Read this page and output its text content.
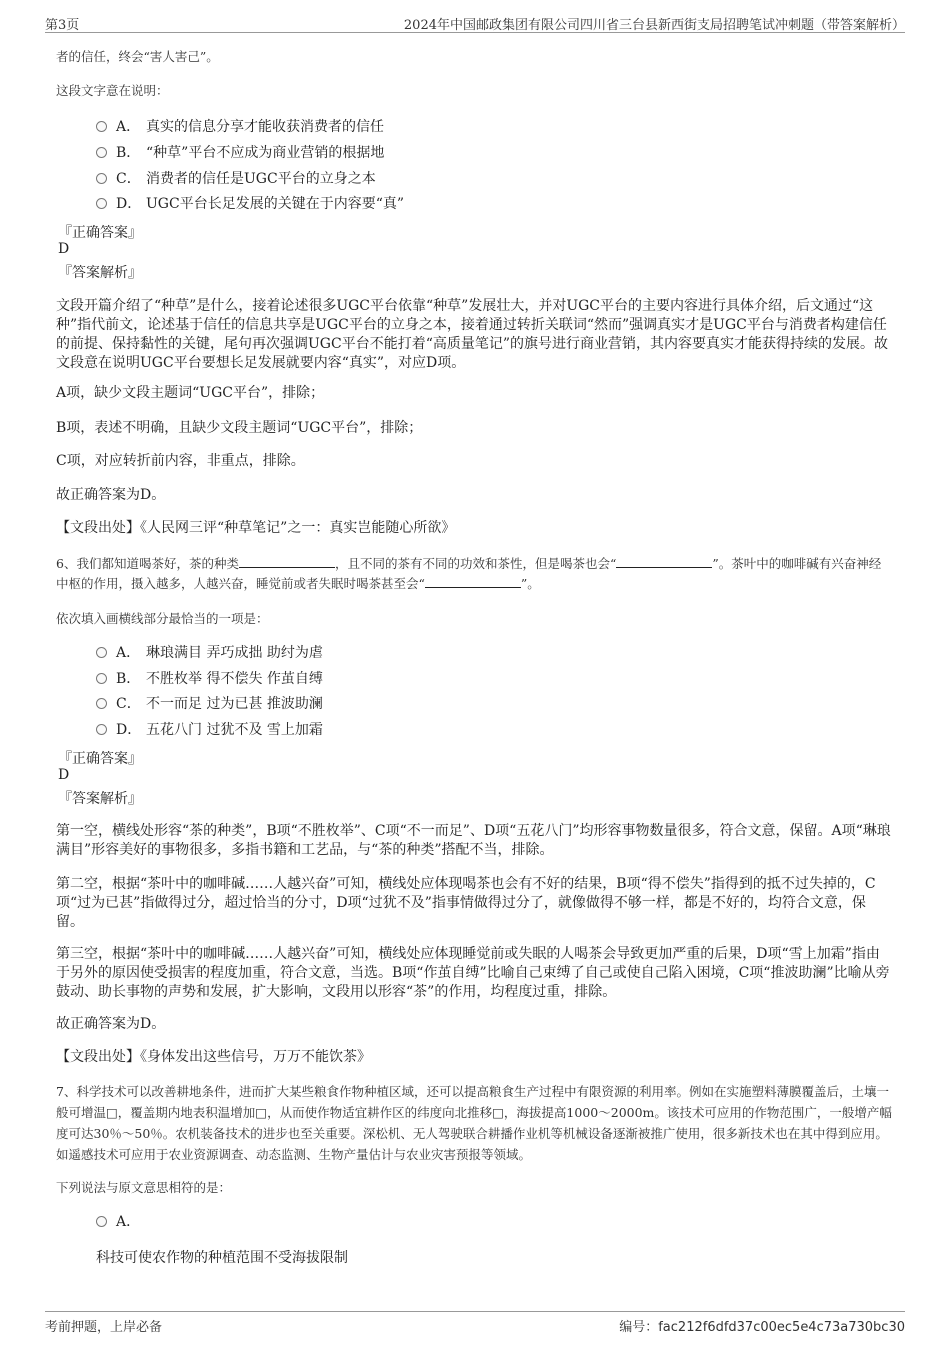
第3页	2024年中国邮政集团有限公司四川省三台县新西街支局招聘笔试冲刺题（带答案解析）
者的信任，终会“害人害己”。
这段文字意在说明：
A． 真实的信息分享才能收获消费者的信任
B． “种草”平台不应成为商业营销的根据地
C． 消费者的信任是UGC平台的立身之本
D． UGC平台长足发展的关键在于内容要“真”
『正确答案』
D
『答案解析』
文段开篇介绍了“种草”是什么，接着论述很多UGC平台依靠“种草”发展壮大，并对UGC平台的主要内容进行具体介绍，后文通过“这种”指代前文，论述基于信任的信息共享是UGC平台的立身之本，接着通过转折关联词“然而”强调真实才是UGC平台与消费者构建信任的前提、保持黏性的关键，尾句再次强调UGC平台不能打着“高质量笔记”的旗号进行商业营销，其内容要真实才能获得持续的发展。故文段意在说明UGC平台要想长足发展就要内容“真实”，对应D项。
A项，缺少文段主题词“UGC平台”，排除；
B项，表述不明确，且缺少文段主题词“UGC平台”，排除；
C项，对应转折前内容，非重点，排除。
故正确答案为D。
【文段出处】《人民网三评“种草笔记”之一：真实岂能随心所欲》
6、我们都知道喝茶好，茶的种类	，且不同的茶有不同的功效和茶性，但是喝茶也会“	”。茶叶中的咖啡碱有兴奋神经中枢的作用，摄入越多，人越兴奋，睡觉前或者失眠时喝茶甚至会“	”。
依次填入画横线部分最恰当的一项是：
A． 琳琅满目 弄巧成拙 助纣为虐
B． 不胜枚举 得不偿失 作茧自缚
C． 不一而足 过为已甚 推波助澜
D． 五花八门 过犹不及 雪上加霜
『正确答案』
D
『答案解析』
第一空，横线处形容“茶的种类”，B项“不胜枚举”、C项“不一而足”、D项“五花八门”均形容事物数量很多，符合文意，保留。A项“琳琅满目”形容美好的事物很多，多指书籍和工艺品，与“茶的种类”搭配不当，排除。
第二空，根据“茶叶中的咖啡碱……人越兴奋”可知，横线处应体现喝茶也会有不好的结果，B项“得不偿失”指得到的抵不过失掉的，C项“过为已甚”指做得过分，超过恰当的分寸，D项“过犹不及”指事情做得过分了，就像做得不够一样，都是不好的，均符合文意，保留。
第三空，根据“茶叶中的咖啡碱……人越兴奋”可知，横线处应体现睡觉前或失眠的人喝茶会导致更加严重的后果，D项“雪上加霜”指由于另外的原因使受损害的程度加重，符合文意，当选。B项“作茧自缚”比喻自己束缚了自己或使自己陷入困境，C项“推波助澜”比喻从旁鼓动、助长事物的声势和发展，扩大影响，文段用以形容“茶”的作用，均程度过重，排除。
故正确答案为D。
【文段出处】《身体发出这些信号，万万不能饮茶》
7、科学技术可以改善耕地条件，进而扩大某些粮食作物种植区域，还可以提高粮食生产过程中有限资源的利用率。例如在实施塑料薄膜覆盖后，土壤一般可增温□，覆盖期内地表积温增加□，从而使作物适宜耕作区的纬度向北推移□，海拔提高1000～2000m。该技术可应用的作物范围广，一般增产幅度可达30％～50％。农机装备技术的进步也至关重要。深松机、无人驾驶联合耕播作业机等机械设备逐渐被推广使用，很多新技术也在其中得到应用。如遥感技术可应用于农业资源调查、动态监测、生物产量估计与农业灾害预报等领域。
下列说法与原文意思相符的是：
A．
科技可使农作物的种植范围不受海拔限制
考前押题，上岸必备	编号：fac212f6dfd37c00ec5e4c73a730bc30
